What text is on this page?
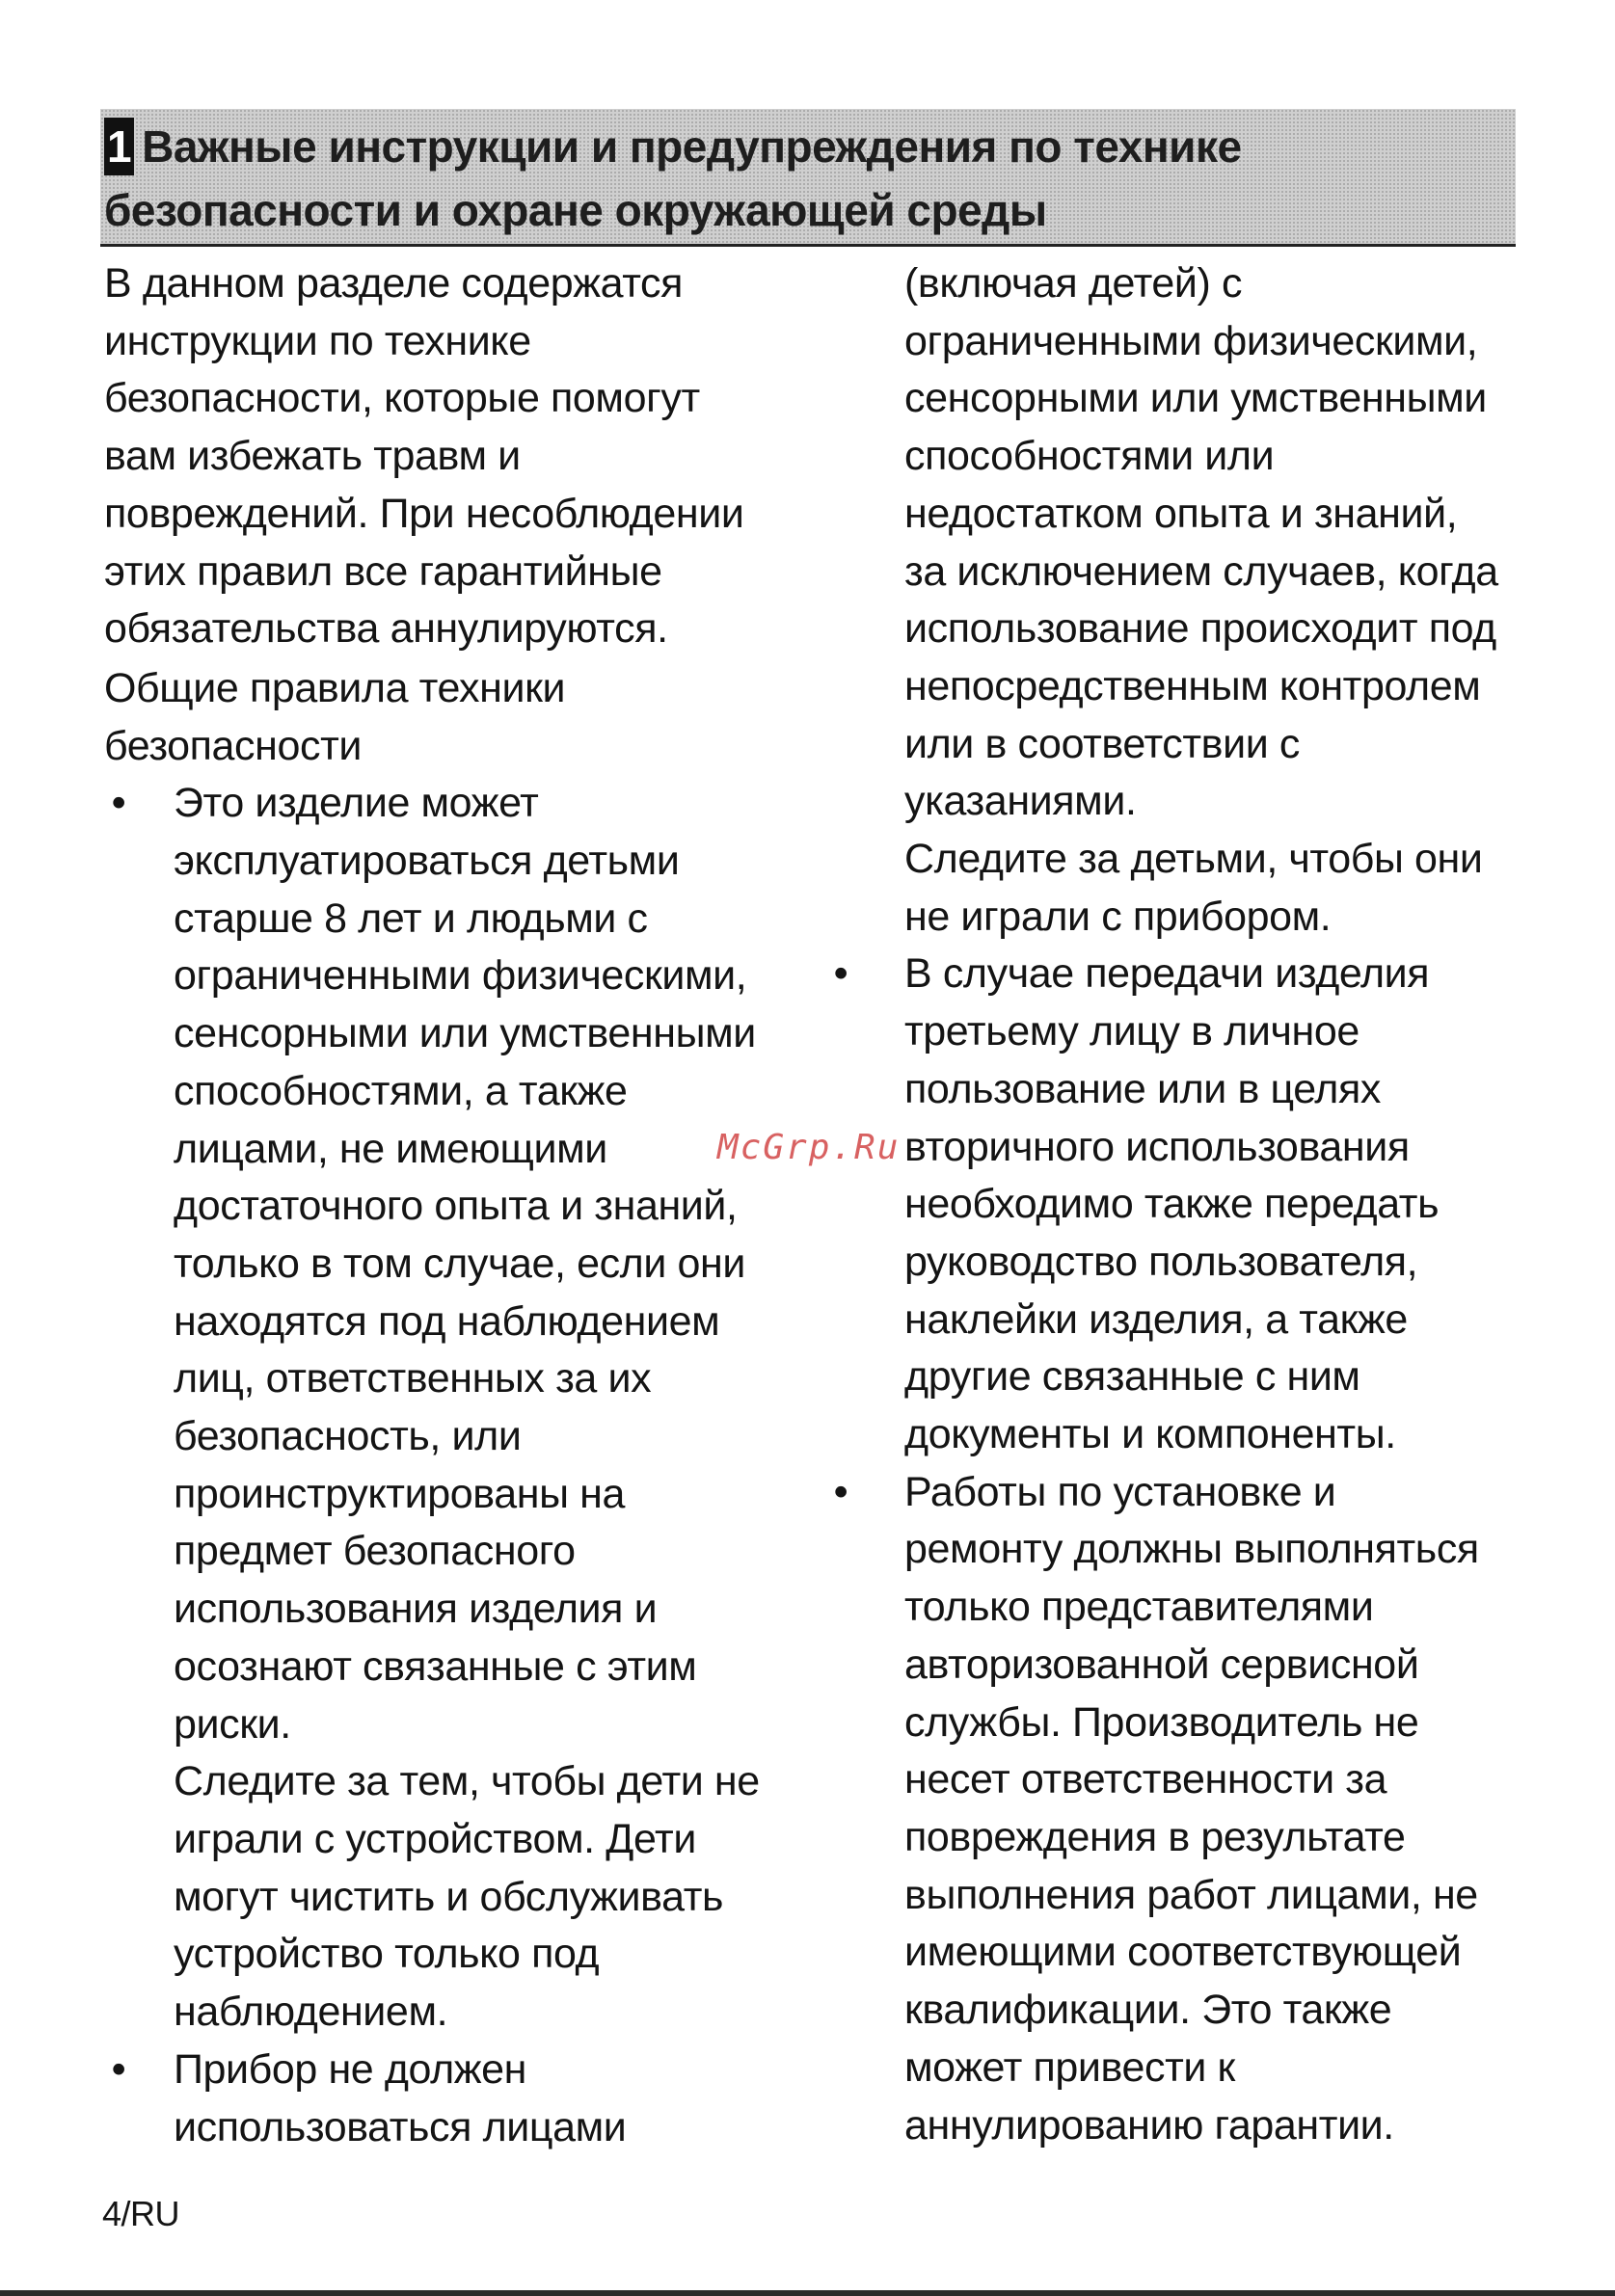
1 Важные инструкции и предупреждения по технике
безопасности и охране окружающей среды

В данном разделе содержатся
инструкции по технике
безопасности, которые помогут
вам избежать травм и
повреждений. При несоблюдении
этих правил все гарантийные
обязательства аннулируются.

Общие правила техники
безопасности

• Это изделие может
эксплуатироваться детьми
старше 8 лет и людьми с
ограниченными физическими,
сенсорными или умственными
способностями, а также
лицами, не имеющими
достаточного опыта и знаний,
только в том случае, если они
находятся под наблюдением
лиц, ответственных за их
безопасность, или
проинструктированы на
предмет безопасного
использования изделия и
осознают связанные с этим
риски.
Следите за тем, чтобы дети не
играли с устройством. Дети
могут чистить и обслуживать
устройство только под
наблюдением.
• Прибор не должен
использоваться лицами
(включая детей) с
ограниченными физическими,
сенсорными или умственными
способностями или
недостатком опыта и знаний,
за исключением случаев, когда
использование происходит под
непосредственным контролем
или в соответствии с
указаниями.
Следите за детьми, чтобы они
не играли с прибором.
• В случае передачи изделия
третьему лицу в личное
пользование или в целях
вторичного использования
необходимо также передать
руководство пользователя,
наклейки изделия, а также
другие связанные с ним
документы и компоненты.
• Работы по установке и
ремонту должны выполняться
только представителями
авторизованной сервисной
службы. Производитель не
несет ответственности за
повреждения в результате
выполнения работ лицами, не
имеющими соответствующей
квалификации. Это также
может привести к
аннулированию гарантии.
McGrp.Ru
4/RU
